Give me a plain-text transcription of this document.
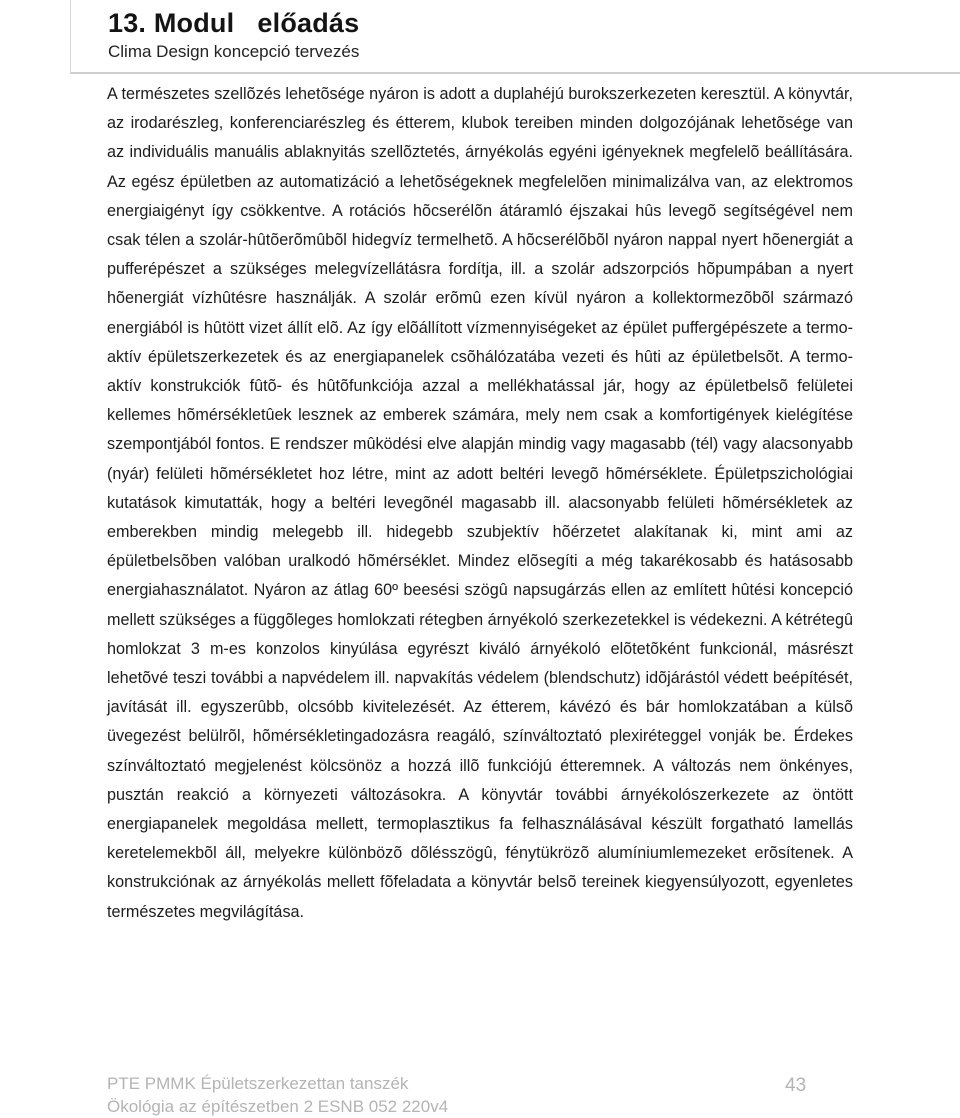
13. Modul   előadás
Clima Design koncepció tervezés

A természetes szellõzés lehetõsége nyáron is adott a duplahéjú burokszerkezeten keresztül. A könyvtár, az irodarészleg, konferenciarészleg és étterem, klubok tereiben minden dolgozójának lehetõsége van az individuális manuális ablaknyitás szellõztetés, árnyékolás egyéni igényeknek megfelelõ beállítására. Az egész épületben az automatizáció a lehetõségeknek megfelelõen minimalizálva van, az elektromos energiaigényt így csökkentve. A rotációs hõcserélõn átáramló éjszakai hûs levegõ segítségével nem csak télen a szolár-hûtõerõmûbõl hidegvíz termelhetõ. A hõcserélõbõl nyáron nappal nyert hõenergiát a pufferépészet a szükséges melegvízellátásra fordítja, ill. a szolár adszorpciós hõpumpában a nyert hõenergiát vízhûtésre használják. A szolár erõmû ezen kívül nyáron a kollektormezõbõl származó energiából is hûtött vizet állít elõ. Az így elõállított vízmennyiségeket az épület puffergépészete a termo-aktív épületszerkezetek és az energiapanelek csõhálózatába vezeti és hûti az épületbelsõt. A termo-aktív konstrukciók fûtõ- és hûtõfunkciója azzal a mellékhatással jár, hogy az épületbelsõ felületei kellemes hõmérsékletûek lesznek az emberek számára, mely nem csak a komfortigények kielégítése szempontjából fontos. E rendszer mûködési elve alapján mindig vagy magasabb (tél) vagy alacsonyabb (nyár) felületi hõmérsékletet hoz létre, mint az adott beltéri levegõ hõmérséklete. Épületpszichológiai kutatások kimutatták, hogy a beltéri levegõnél magasabb ill. alacsonyabb felületi hõmérsékletek az emberekben mindig melegebb ill. hidegebb szubjektív hõérzetet alakítanak ki, mint ami az épületbelsõben valóban uralkodó hõmérséklet. Mindez elõsegíti a még takarékosabb és hatásosabb energiahasználatot. Nyáron az átlag 60º beesési szögû napsugárzás ellen az említett hûtési koncepció mellett szükséges a függõleges homlokzati rétegben árnyékoló szerkezetekkel is védekezni. A kétrétegû homlokzat 3 m-es konzolos kinyúlása egyrészt kiváló árnyékoló elõtetõként funkcionál, másrészt lehetõvé teszi további a napvédelem ill. napvakítás védelem (blendschutz) idõjárástól védett beépítését, javítását ill. egyszerûbb, olcsóbb kivitelezését. Az étterem, kávézó és bár homlokzatában a külsõ üvegezést belülrõl, hõmérsékletingadozásra reagáló, színváltoztató plexiréteggel vonják be. Érdekes színváltoztató megjelenést kölcsönöz a hozzá illõ funkciójú étteremnek. A változás nem önkényes, pusztán reakció a környezeti változásokra. A könyvtár további árnyékolószerkezete az öntött energiapanelek megoldása mellett, termoplasztikus fa felhasználásával készült forgatható lamellás keretelemekbõl áll, melyekre különbözõ dõlésszögû, fénytükrözõ alumíniumlemezeket erõsítenek. A konstrukciónak az árnyékolás mellett fõfeladata a könyvtár belsõ tereinek kiegyensúlyozott, egyenletes természetes megvilágítása.

PTE PMMK Épületszerkezettan tanszék
Ökológia az építészetben 2 ESNB 052 220v4
43
